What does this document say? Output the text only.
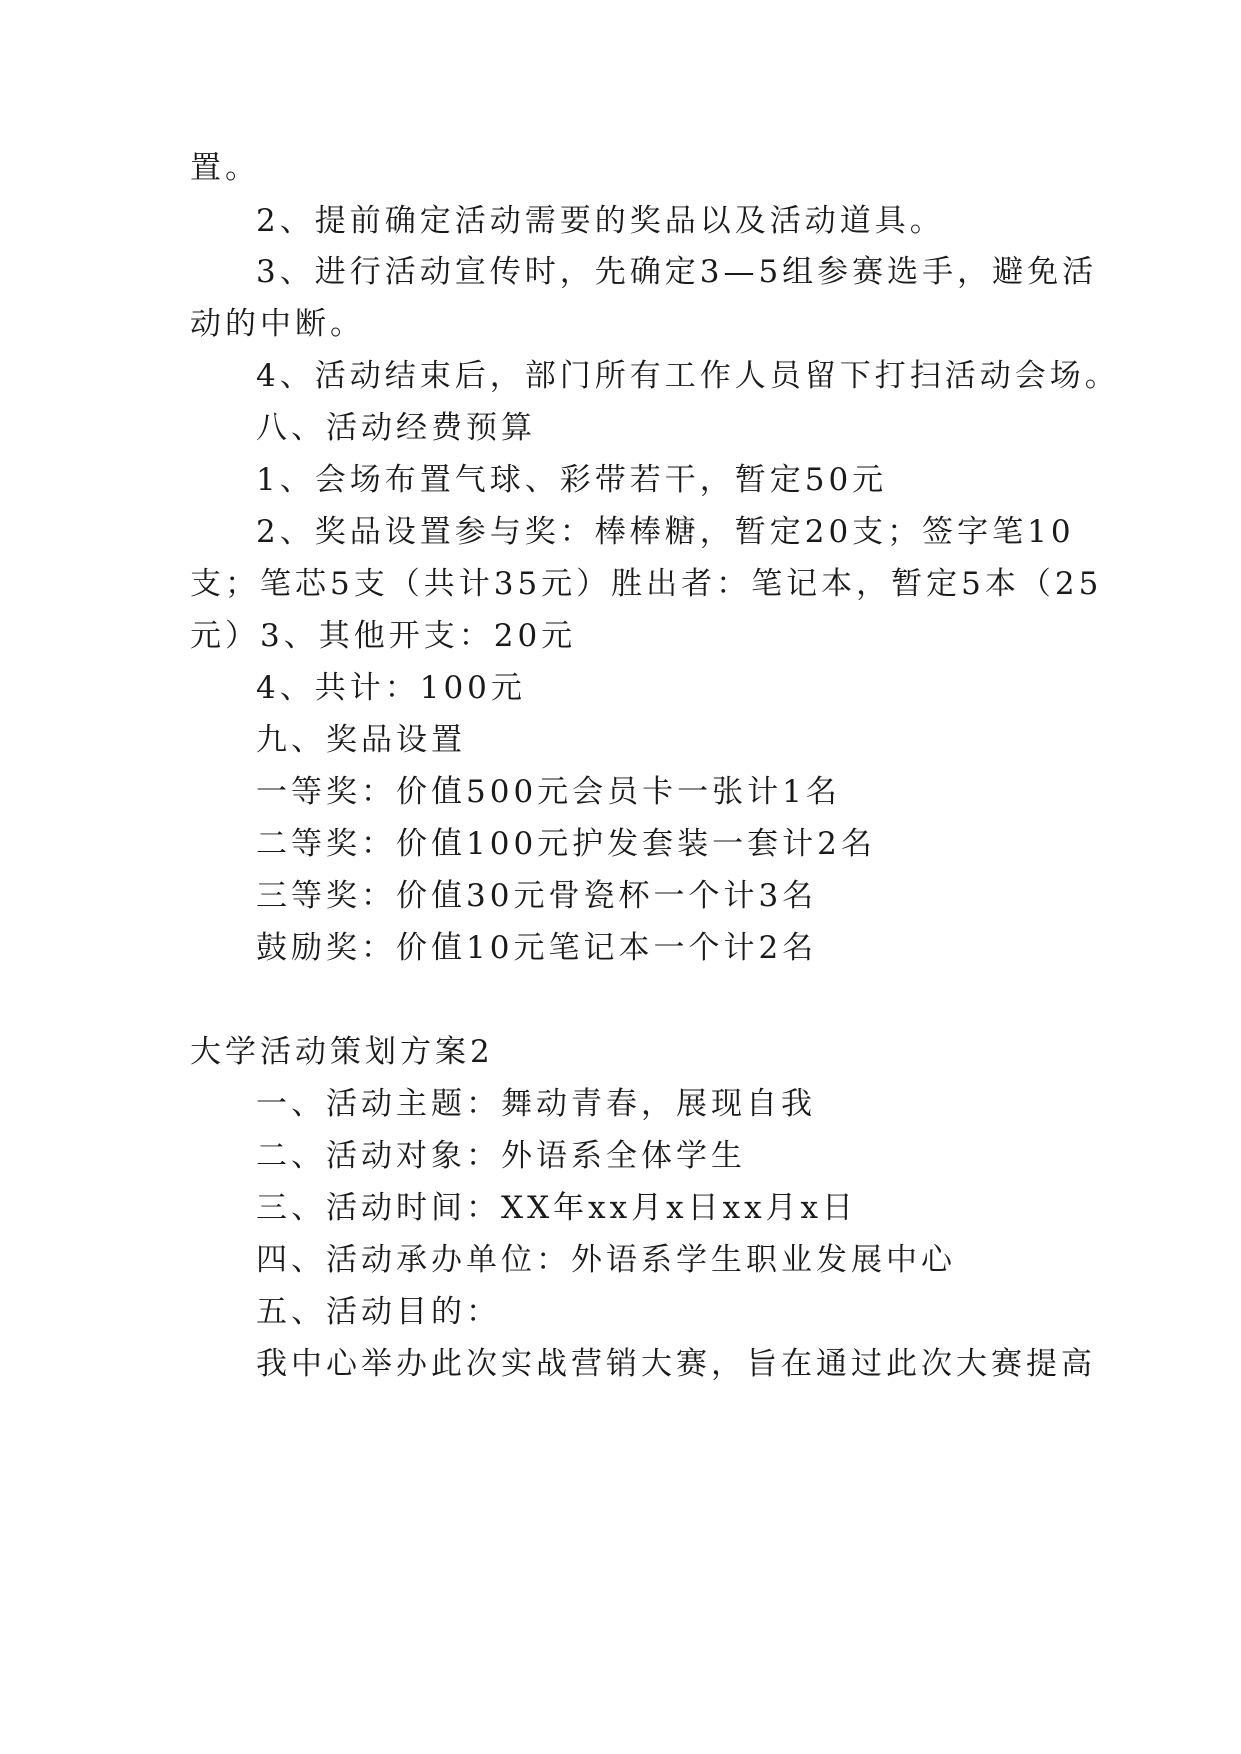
置。
2、提前确定活动需要的奖品以及活动道具。
3、进行活动宣传时，先确定3—5组参赛选手，避免活
动的中断。
4、活动结束后，部门所有工作人员留下打扫活动会场。
八、活动经费预算
1、会场布置气球、彩带若干，暂定50元
2、奖品设置参与奖：棒棒糖，暂定20支；签字笔10
支；笔芯5支（共计35元）胜出者：笔记本，暂定5本（25
元）3、其他开支：20元
4、共计：100元
九、奖品设置
一等奖：价值500元会员卡一张计1名
二等奖：价值100元护发套装一套计2名
三等奖：价值30元骨瓷杯一个计3名
鼓励奖：价值10元笔记本一个计2名
大学活动策划方案2
一、活动主题：舞动青春，展现自我
二、活动对象：外语系全体学生
三、活动时间：XX年xx月x日xx月x日
四、活动承办单位：外语系学生职业发展中心
五、活动目的：
我中心举办此次实战营销大赛，旨在通过此次大赛提高
